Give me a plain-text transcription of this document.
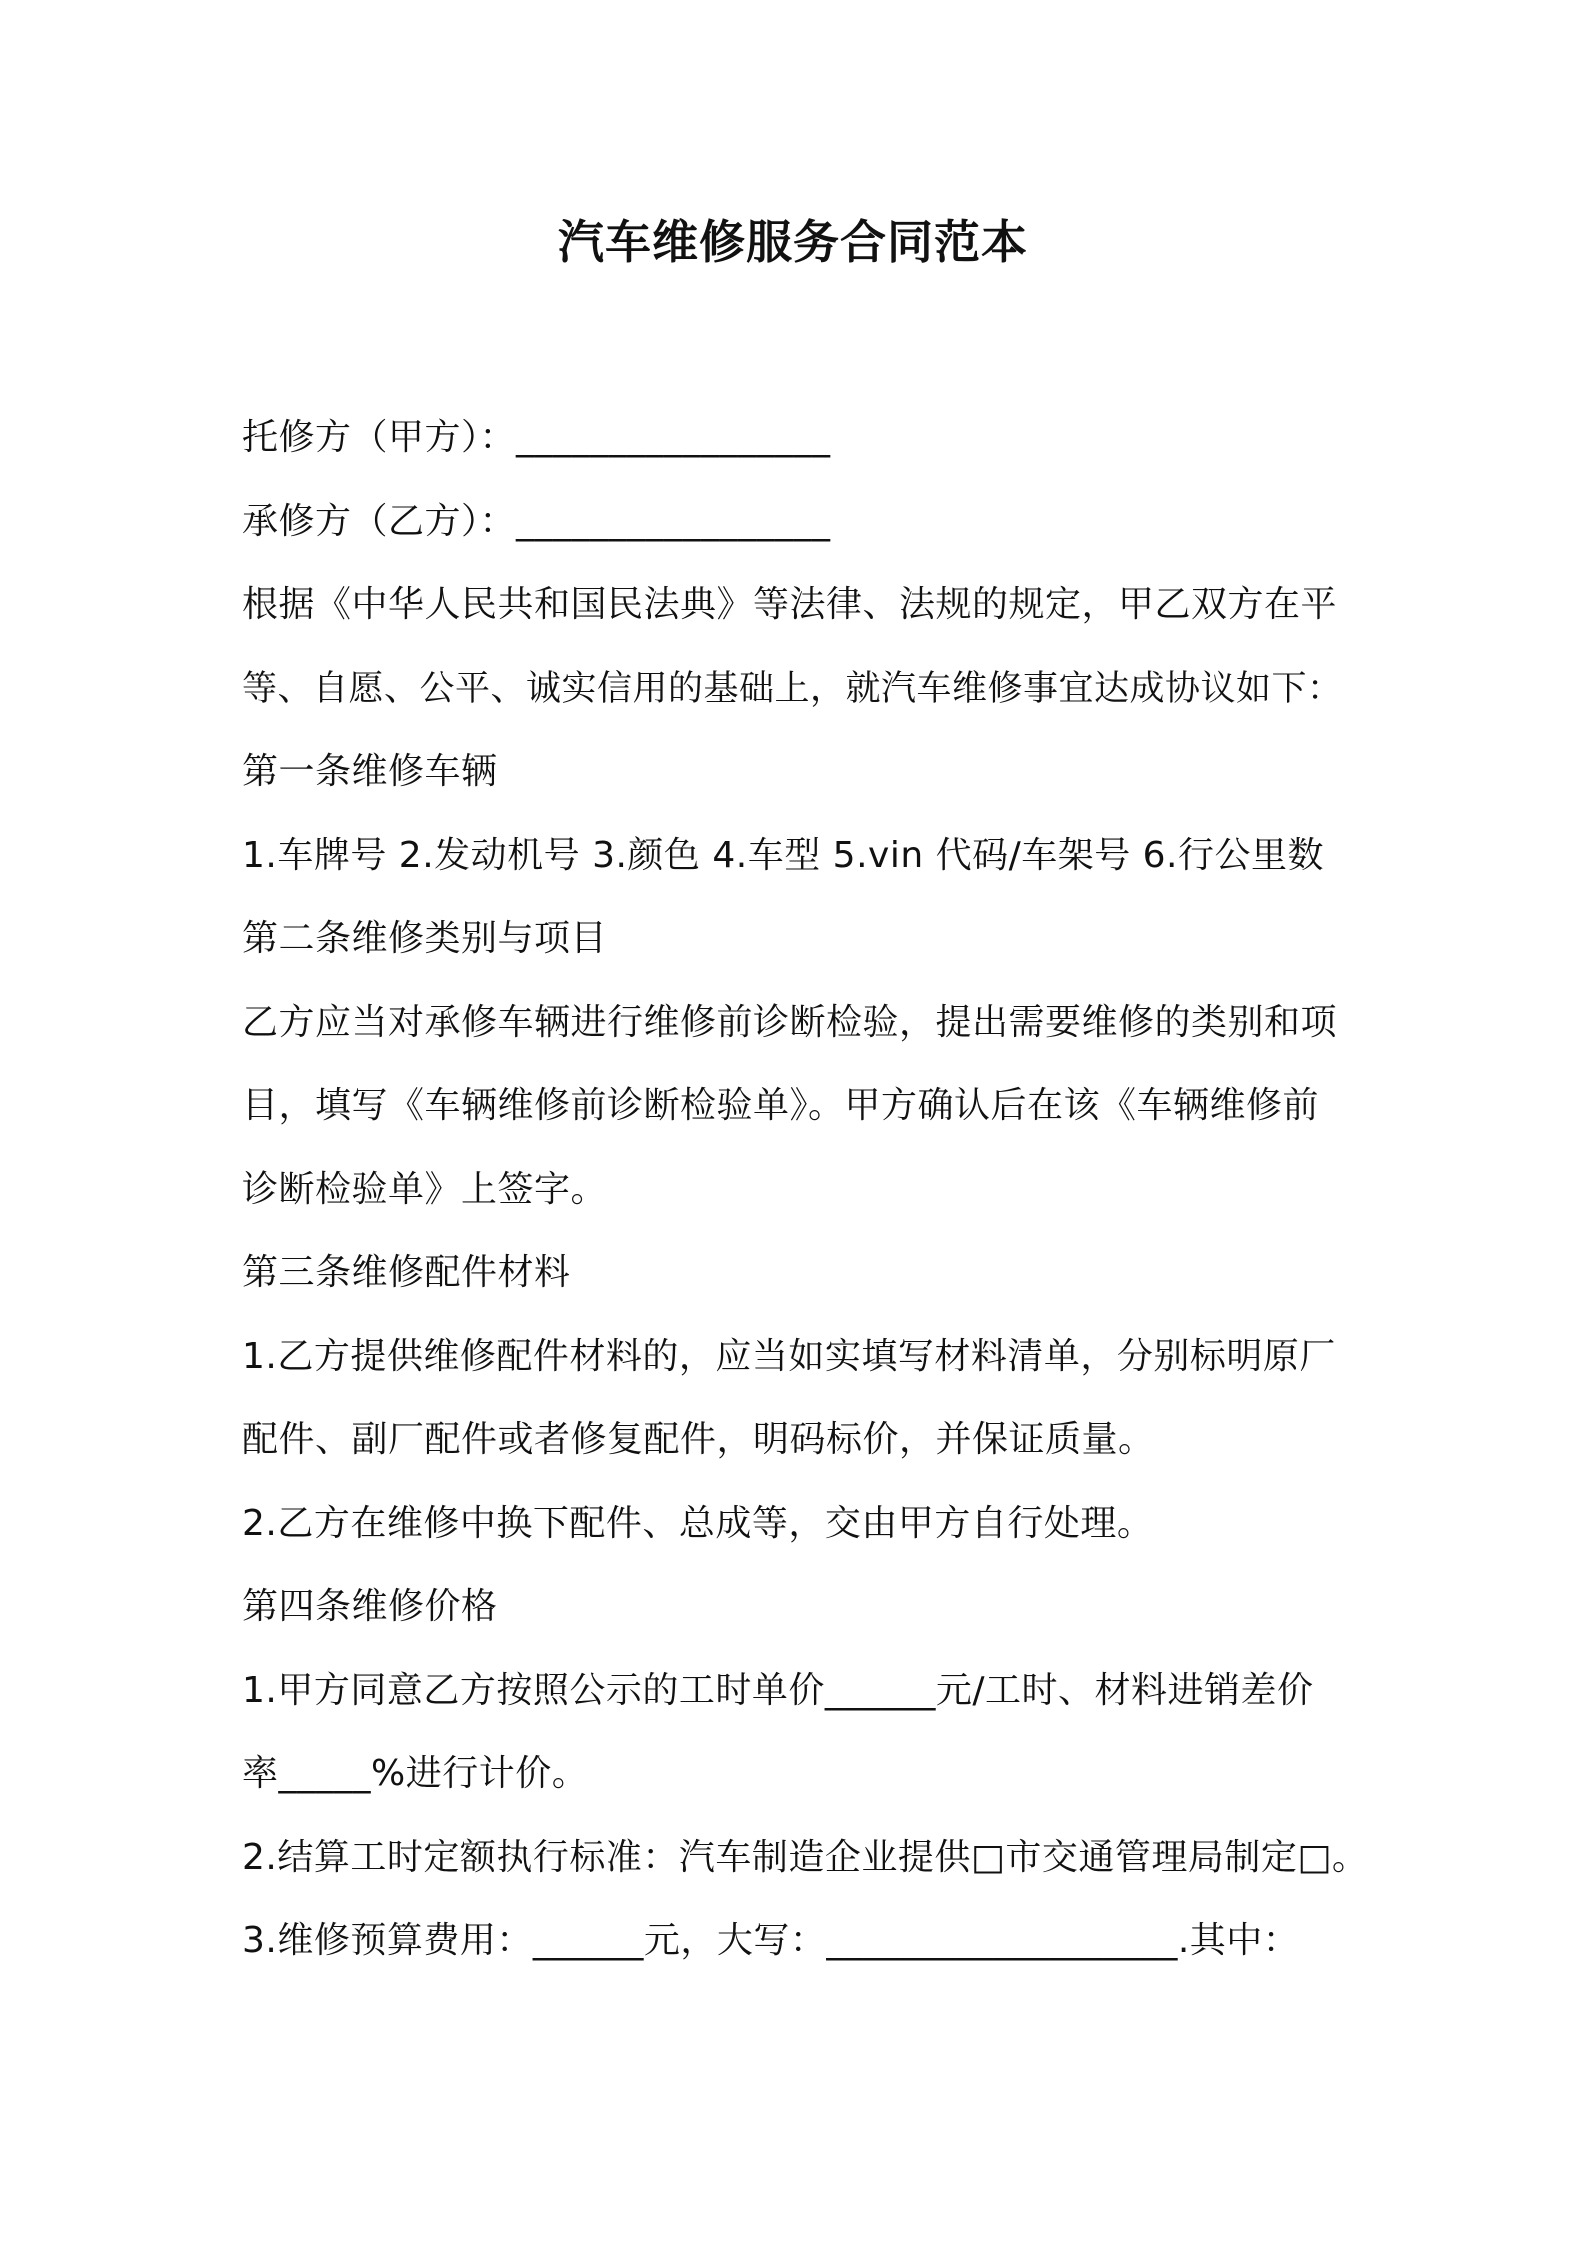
汽车维修服务合同范本
托修方（甲方）：_________________
承修方（乙方）：_________________
根据《中华人民共和国民法典》等法律、法规的规定，甲乙双方在平
等、自愿、公平、诚实信用的基础上，就汽车维修事宜达成协议如下：
第一条维修车辆
1.车牌号 2.发动机号 3.颜色 4.车型 5.vin 代码/车架号 6.行公里数
第二条维修类别与项目
乙方应当对承修车辆进行维修前诊断检验，提出需要维修的类别和项
目，填写《车辆维修前诊断检验单》。甲方确认后在该《车辆维修前
诊断检验单》上签字。
第三条维修配件材料
1.乙方提供维修配件材料的，应当如实填写材料清单，分别标明原厂
配件、副厂配件或者修复配件，明码标价，并保证质量。
2.乙方在维修中换下配件、总成等，交由甲方自行处理。
第四条维修价格
1.甲方同意乙方按照公示的工时单价______元/工时、材料进销差价
率_____%进行计价。
2.结算工时定额执行标准：汽车制造企业提供□市交通管理局制定□。
3.维修预算费用：______元，大写：___________________.其中：
